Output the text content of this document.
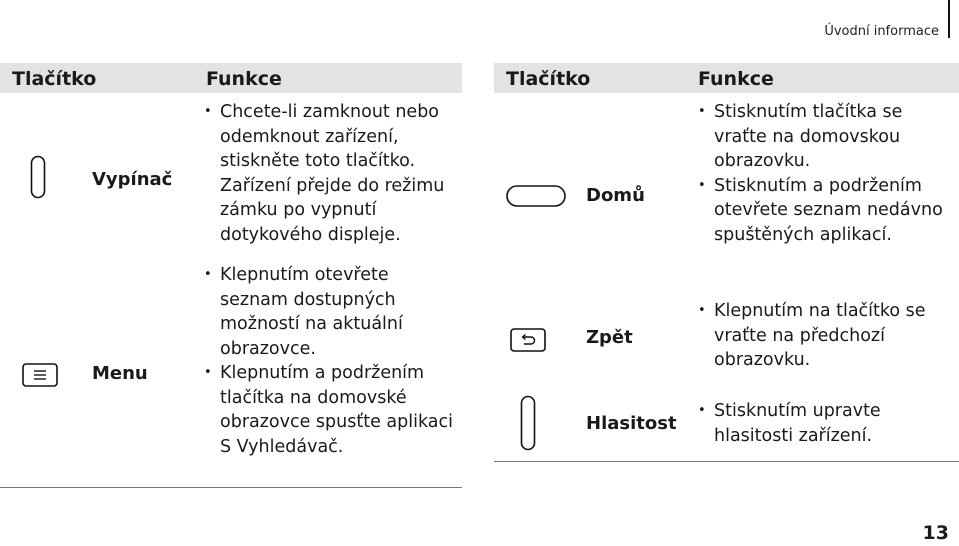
Úvodní informace
Tlačítko	Funkce
Vypínač
• Chcete-li zamknout nebo odemknout zařízení, stiskněte toto tlačítko. Zařízení přejde do režimu zámku po vypnutí dotykového displeje.
Menu
• Klepnutím otevřete seznam dostupných možností na aktuální obrazovce.
• Klepnutím a podržením tlačítka na domovské obrazovce spusťte aplikaci S Vyhledávač.
Tlačítko	Funkce
Domů
• Stisknutím tlačítka se vraťte na domovskou obrazovku.
• Stisknutím a podržením otevřete seznam nedávno spuštěných aplikací.
Zpět
• Klepnutím na tlačítko se vraťte na předchozí obrazovku.
Hlasitost
• Stisknutím upravte hlasitosti zařízení.
13
